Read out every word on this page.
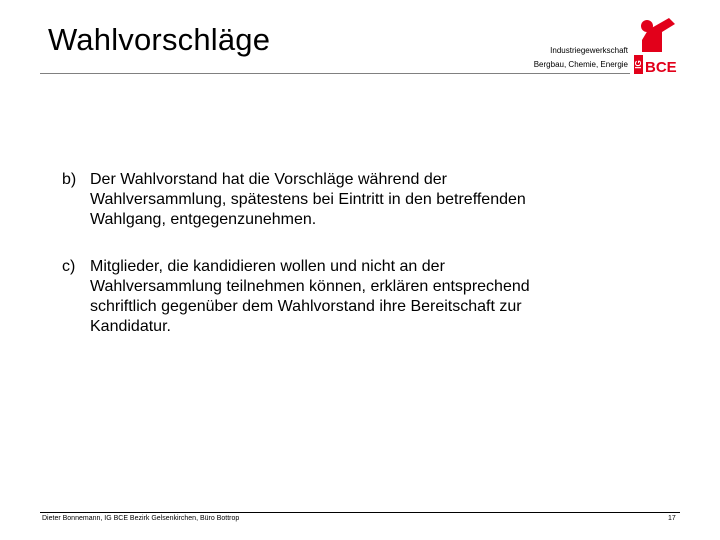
Wahlvorschläge	Industriegewerkschaft
Bergbau, Chemie, Energie IG BCE
b) Der Wahlvorstand hat die Vorschläge während der Wahlversammlung, spätestens bei Eintritt in den betreffenden Wahlgang, entgegenzunehmen.
c) Mitglieder, die kandidieren wollen und nicht an der Wahlversammlung teilnehmen können, erklären entsprechend schriftlich gegenüber dem Wahlvorstand ihre Bereitschaft zur Kandidatur.
Dieter Bonnemann, IG BCE Bezirk Gelsenkirchen, Büro Bottrop	17
